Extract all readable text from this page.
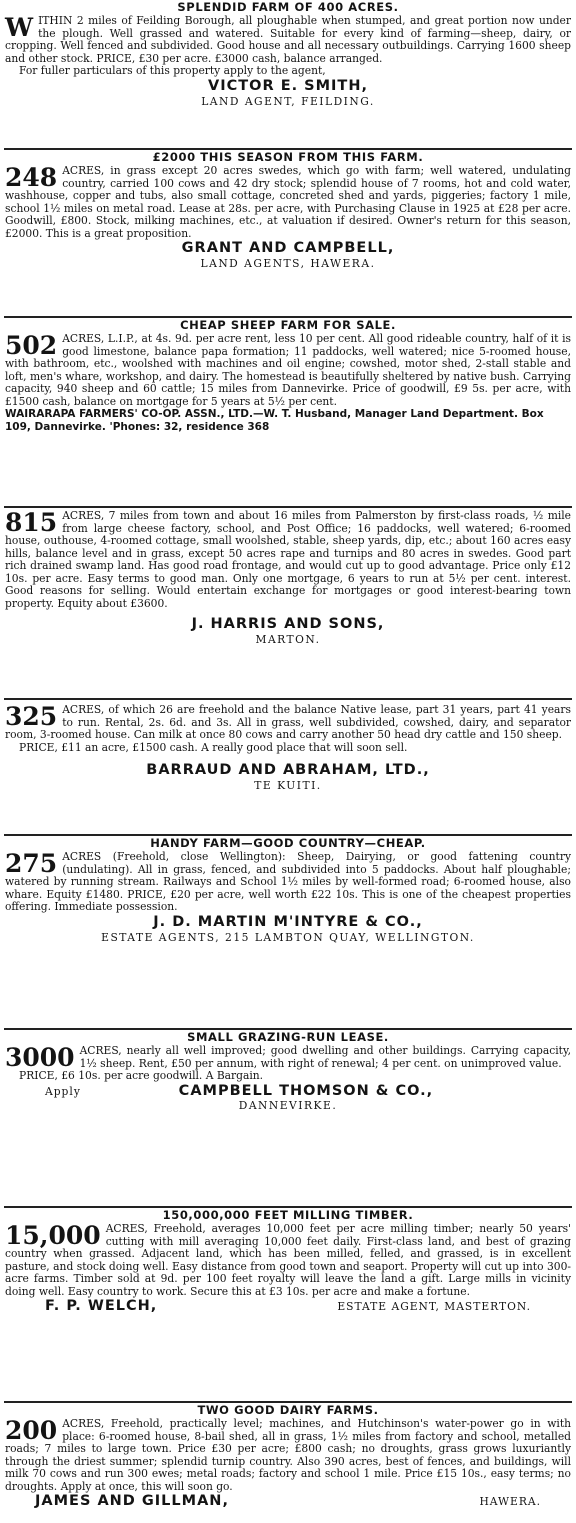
SPLENDID FARM OF 400 ACRES.
W ITHIN 2 miles of Feilding Borough, all ploughable when stumped, and great portion now under the plough. Well grassed and watered. Suitable for every kind of farming—sheep, dairy, or cropping. Well fenced and subdivided. Good house and all necessary outbuildings. Carrying 1600 sheep and other stock. PRICE, £30 per acre. £3000 cash, balance arranged.

For fuller particulars of this property apply to the agent,

VICTOR E. SMITH,
LAND AGENT, FEILDING.
£2000 THIS SEASON FROM THIS FARM.
248 ACRES, in grass except 20 acres swedes, which go with farm; well watered, undulating country, carried 100 cows and 42 dry stock; splendid house of 7 rooms, hot and cold water, washhouse, copper and tubs, also small cottage, concreted shed and yards, piggeries; factory 1 mile, school 1½ miles on metal road. Lease at 28s. per acre, with Purchasing Clause in 1925 at £28 per acre. Goodwill, £800. Stock, milking machines, etc., at valuation if desired. Owner's return for this season, £2000. This is a great proposition.

GRANT AND CAMPBELL,
LAND AGENTS, HAWERA.
CHEAP SHEEP FARM FOR SALE.
502 ACRES, L.I.P., at 4s. 9d. per acre rent, less 10 per cent. All good rideable country, half of it is good limestone, balance papa formation; 11 paddocks, well watered; nice 5-roomed house, with bathroom, etc., woolshed with machines and oil engine; cowshed, motor shed, 2-stall stable and loft, men's whare, workshop, and dairy. The homestead is beautifully sheltered by native bush. Carrying capacity, 940 sheep and 60 cattle; 15 miles from Dannevirke. Price of goodwill, £9 5s. per acre, with £1500 cash, balance on mortgage for 5 years at 5½ per cent.

WAIRARAPA FARMERS' CO-OP. ASSN., LTD.—W. T. Husband, Manager Land Department. Box 109, Dannevirke. 'Phones: 32, residence 368
815 ACRES, 7 miles from town and about 16 miles from Palmerston by first-class roads, ½ mile from large cheese factory, school, and Post Office; 16 paddocks, well watered; 6-roomed house, outhouse, 4-roomed cottage, small woolshed, stable, sheep yards, dip, etc.; about 160 acres easy hills, balance level and in grass, except 50 acres rape and turnips and 80 acres in swedes. Good part rich drained swamp land. Has good road frontage, and would cut up to good advantage. Price only £12 10s. per acre. Easy terms to good man. Only one mortgage, 6 years to run at 5½ per cent. interest. Good reasons for selling. Would entertain exchange for mortgages or good interest-bearing town property. Equity about £3600.

J. HARRIS AND SONS,
MARTON.
325 ACRES, of which 26 are freehold and the balance Native lease, part 31 years, part 41 years to run. Rental, 2s. 6d. and 3s. All in grass, well subdivided, cowshed, dairy, and separator room, 3-roomed house. Can milk at once 80 cows and carry another 50 head dry cattle and 150 sheep.

PRICE, £11 an acre, £1500 cash. A really good place that will soon sell.

BARRAUD AND ABRAHAM, LTD.,
TE KUITI.
HANDY FARM—GOOD COUNTRY—CHEAP.
275 ACRES (Freehold, close Wellington): Sheep, Dairying, or good fattening country (undulating). All in grass, fenced, and subdivided into 5 paddocks. About half ploughable; watered by running stream. Railways and School 1½ miles by well-formed road; 6-roomed house, also whare. Equity £1480. PRICE, £20 per acre, well worth £22 10s. This is one of the cheapest properties offering. Immediate possession.

J. D. MARTIN M'INTYRE & CO.,
ESTATE AGENTS, 215 LAMBTON QUAY, WELLINGTON.
SMALL GRAZING-RUN LEASE.
3000 ACRES, nearly all well improved; good dwelling and other buildings. Carrying capacity, 1½ sheep. Rent, £50 per annum, with right of renewal; 4 per cent. on unimproved value.

PRICE, £6 10s. per acre goodwill. A Bargain.

Apply	CAMPBELL THOMSON & CO.,
DANNEVIRKE.
150,000,000 FEET MILLING TIMBER.
15,000 ACRES, Freehold, averages 10,000 feet per acre milling timber; nearly 50 years' cutting with mill averaging 10,000 feet daily. First-class land, and best of grazing country when grassed. Adjacent land, which has been milled, felled, and grassed, is in excellent pasture, and stock doing well. Easy distance from good town and seaport. Property will cut up into 300-acre farms. Timber sold at 9d. per 100 feet royalty will leave the land a gift. Large mills in vicinity doing well. Easy country to work. Secure this at £3 10s. per acre and make a fortune.

F. P. WELCH,	ESTATE AGENT, MASTERTON.
TWO GOOD DAIRY FARMS.
200 ACRES, Freehold, practically level; machines, and Hutchinson's water-power go in with place: 6-roomed house, 8-bail shed, all in grass, 1½ miles from factory and school, metalled roads; 7 miles to large town. Price £30 per acre; £800 cash; no droughts, grass grows luxuriantly through the driest summer; splendid turnip country. Also 390 acres, best of fences, and buildings, will milk 70 cows and run 300 ewes; metal roads; factory and school 1 mile. Price £15 10s., easy terms; no droughts. Apply at once, this will soon go.

JAMES AND GILLMAN,	HAWERA.
